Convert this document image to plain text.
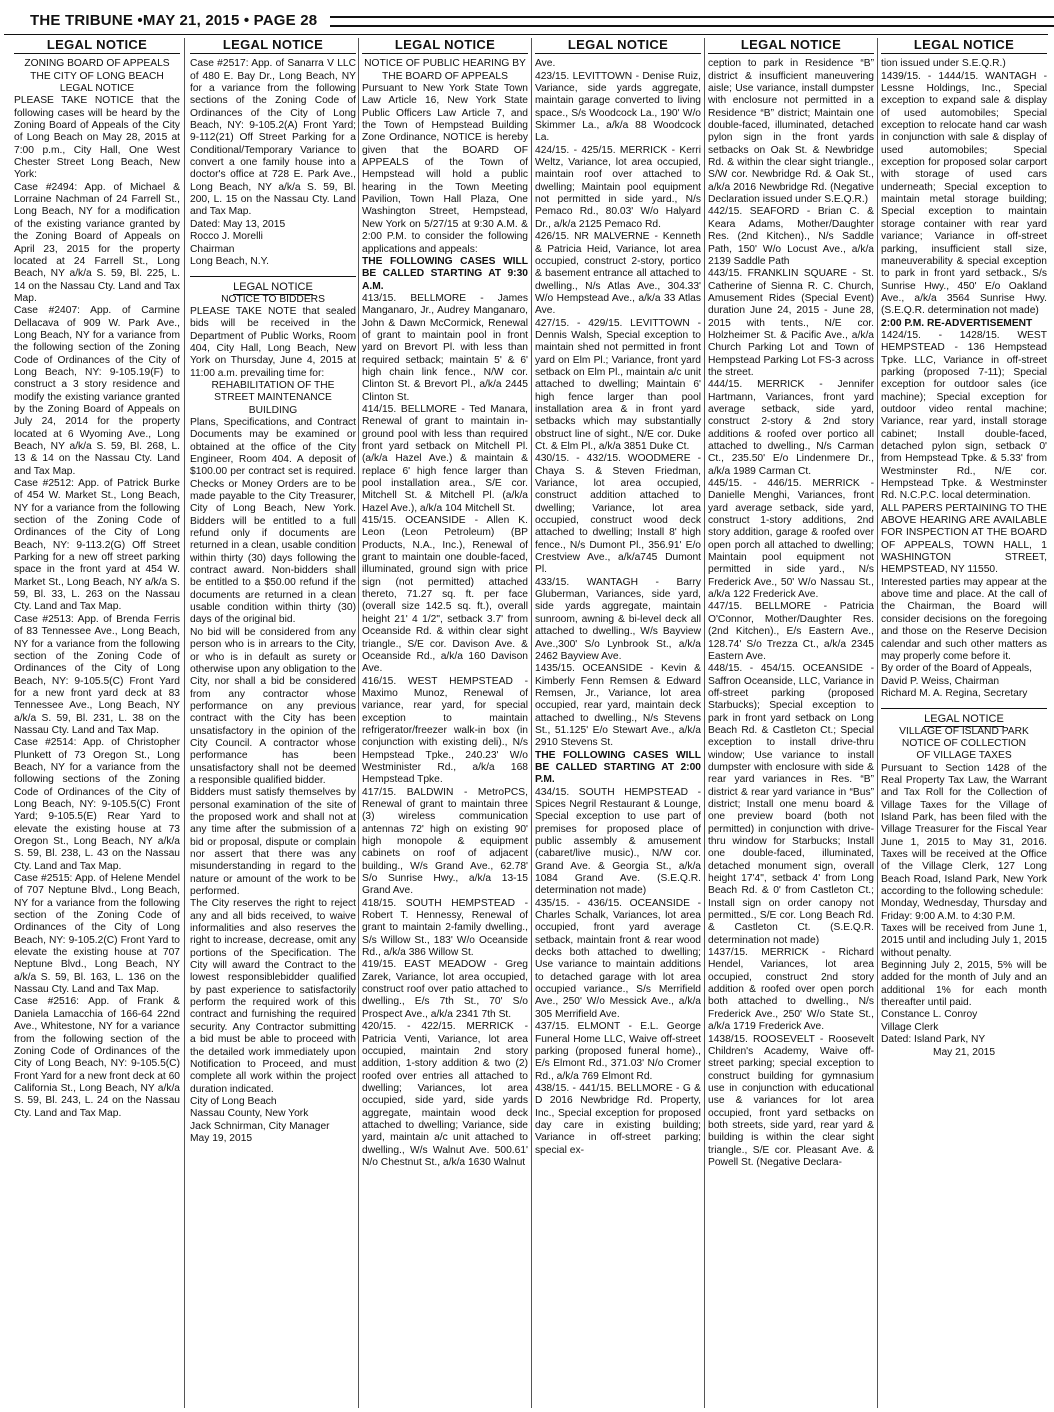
THE TRIBUNE •MAY 21, 2015 • PAGE 28
LEGAL NOTICE

ZONING BOARD OF APPEALS

THE CITY OF LONG BEACH

LEGAL NOTICE

PLEASE TAKE NOTICE that the following cases will be heard by the Zoning Board of Appeals of the City of Long Beach on May 28, 2015 at 7:00 p.m., City Hall, One West Chester Street Long Beach, New York:

Case #2494: App. of Michael & Lorraine Nachman of 24 Farrell St., Long Beach, NY for a modification of the existing variance granted by the Zoning Board of Appeals on April 23, 2015 for the property located at 24 Farrell St., Long Beach, NY a/k/a S. 59, Bl. 225, L. 14 on the Nassau Cty. Land and Tax Map.

Case #2407: App. of Carmine Dellacava of 909 W. Park Ave., Long Beach, NY for a variance from the following section of the Zoning Code of Ordinances of the City of Long Beach, NY: 9-105.19(F) to construct a 3 story residence and modify the existing variance granted by the Zoning Board of Appeals on July 24, 2014 for the property located at 6 Wyoming Ave., Long Beach, NY a/k/a S. 59, Bl. 268, L. 13 & 14 on the Nassau Cty. Land and Tax Map.

Case #2512: App. of Patrick Burke of 454 W. Market St., Long Beach, NY for a variance from the following section of the Zoning Code of Ordinances of the City of Long Beach, NY: 9-113.2(G) Off Street Parking for a new off street parking space in the front yard at 454 W. Market St., Long Beach, NY a/k/a S. 59, Bl. 33, L. 263 on the Nassau Cty. Land and Tax Map.

Case #2513: App. of Brenda Ferris of 83 Tennessee Ave., Long Beach, NY for a variance from the following section of the Zoning Code of Ordinances of the City of Long Beach, NY: 9-105.5(C) Front Yard for a new front yard deck at 83 Tennessee Ave., Long Beach, NY a/k/a S. 59, Bl. 231, L. 38 on the Nassau Cty. Land and Tax Map.

Case #2514: App. of Christopher Plunkett of 73 Oregon St., Long Beach, NY for a variance from the following sections of the Zoning Code of Ordinances of the City of Long Beach, NY: 9-105.5(C) Front Yard; 9-105.5(E) Rear Yard to elevate the existing house at 73 Oregon St., Long Beach, NY a/k/a S. 59, Bl. 238, L. 43 on the Nassau Cty. Land and Tax Map.

Case #2515: App. of Helene Mendel of 707 Neptune Blvd., Long Beach, NY for a variance from the following section of the Zoning Code of Ordinances of the City of Long Beach, NY: 9-105.2(C) Front Yard to elevate the existing house at 707 Neptune Blvd., Long Beach, NY a/k/a S. 59, Bl. 163, L. 136 on the Nassau Cty. Land and Tax Map.

Case #2516: App. of Frank & Daniela Lamacchia of 166-64 22nd Ave., Whitestone, NY for a variance from the following section of the Zoning Code of Ordinances of the City of Long Beach, NY: 9-105.5(C) Front Yard for a new front deck at 60 California St., Long Beach, NY a/k/a S. 59, Bl. 243, L. 24 on the Nassau Cty. Land and Tax Map.

LEGAL NOTICE

Case #2517: App. of Sanarra V LLC of 480 E. Bay Dr., Long Beach, NY for a variance from the following sections of the Zoning Code of Ordinances of the City of Long Beach, NY: 9-105.2(A) Front Yard; 9-112(21) Off Street Parking for a Conditional/Temporary Variance to convert a one family house into a doctor's office at 728 E. Park Ave., Long Beach, NY a/k/a S. 59, Bl. 200, L. 15 on the Nassau Cty. Land and Tax Map.

Dated: May 13, 2015

Rocco J. Morelli

Chairman

Long Beach, N.Y.

LEGAL NOTICE

NOTICE TO BIDDERS

PLEASE TAKE NOTE that sealed bids will be received in the Department of Public Works, Room 404, City Hall, Long Beach, New York on Thursday, June 4, 2015 at 11:00 a.m. prevailing time for:

REHABILITATION OF THE STREET MAINTENANCE BUILDING

Plans, Specifications, and Contract Documents may be examined or obtained at the office of the City Engineer, Room 404. A deposit of $100.00 per contract set is required. Checks or Money Orders are to be made payable to the City Treasurer, City of Long Beach, New York. Bidders will be entitled to a full refund only if documents are returned in a clean, usable condition within thirty (30) days following the contract award. Non-bidders shall be entitled to a $50.00 refund if the documents are returned in a clean usable condition within thirty (30) days of the original bid.

No bid will be considered from any person who is in arrears to the City, or who is in default as surety or otherwise upon any obligation to the City, nor shall a bid be considered from any contractor whose performance on any previous contract with the City has been unsatisfactory in the opinion of the City Council. A contractor whose performance has been unsatisfactory shall not be deemed a responsible qualified bidder.

Bidders must satisfy themselves by personal examination of the site of the proposed work and shall not at any time after the submission of a bid or proposal, dispute or complain nor assert that there was any misunderstanding in regard to the nature or amount of the work to be performed.

The City reserves the right to reject any and all bids received, to waive informalities and also reserves the right to increase, decrease, omit any portions of the Specification. The City will award the Contract to the lowest responsiblebidder qualified by past experience to satisfactorily perform the required work of this contract and furnishing the required security. Any Contractor submitting a bid must be able to proceed with the detailed work immediately upon Notification to Proceed, and must complete all work within the project duration indicated.

City of Long Beach

Nassau County, New York

Jack Schnirman, City Manager

May 19, 2015

LEGAL NOTICE

NOTICE OF PUBLIC HEARING BY THE BOARD OF APPEALS

Pursuant to New York State Town Law Article 16, New York State Public Officers Law Article 7, and the Town of Hempstead Building Zone Ordinance, NOTICE is hereby given that the BOARD OF APPEALS of the Town of Hempstead will hold a public hearing in the Town Meeting Pavilion, Town Hall Plaza, One Washington Street, Hempstead, New York on 5/27/15 at 9:30 A.M. & 2:00 P.M. to consider the following applications and appeals:

THE FOLLOWING CASES WILL BE CALLED STARTING AT 9:30 A.M.

413/15. BELLMORE - James Manganaro, Jr., Audrey Manganaro, John & Dawn McCormick, Renewal of grant to maintain pool in front yard on Brevort Pl. with less than required setback; maintain 5' & 6' high chain link fence., N/W cor. Clinton St. & Brevort Pl., a/k/a 2445 Clinton St.

414/15. BELLMORE - Ted Manara, Renewal of grant to maintain in-ground pool with less than required front yard setback on Mitchell Pl. (a/k/a Hazel Ave.) & maintain & replace 6' high fence larger than pool installation area., S/E cor. Mitchell St. & Mitchell Pl. (a/k/a Hazel Ave.), a/k/a 104 Mitchell St.

415/15. OCEANSIDE - Allen K. Leon (Leon Petroleum) (BP Products, N.A., Inc.), Renewal of grant to maintain one double-faced, illuminated, ground sign with price sign (not permitted) attached thereto, 71.27 sq. ft. per face (overall size 142.5 sq. ft.), overall height 21' 4 1/2", setback 3.7' from Oceanside Rd. & within clear sight triangle., S/E cor. Davison Ave. & Oceanside Rd., a/k/a 160 Davison Ave.

416/15. WEST HEMPSTEAD - Maximo Munoz, Renewal of variance, rear yard, for special exception to maintain refrigerator/freezer walk-in box (in conjunction with existing deli)., N/s Hempstead Tpke., 240.23' W/o Westminister Rd., a/k/a 168 Hempstead Tpke.

417/15. BALDWIN - MetroPCS, Renewal of grant to maintain three (3) wireless communication antennas 72' high on existing 90' high monopole & equipment cabinets on roof of adjacent building., W/s Grand Ave., 62.78' S/o Sunrise Hwy., a/k/a 13-15 Grand Ave.

418/15. SOUTH HEMPSTEAD - Robert T. Hennessy, Renewal of grant to maintain 2-family dwelling., S/s Willow St., 183' W/o Oceanside Rd., a/k/a 386 Willow St.

419/15. EAST MEADOW - Greg Zarek, Variance, lot area occupied, construct roof over patio attached to dwelling., E/s 7th St., 70' S/o Prospect Ave., a/k/a 2341 7th St.

420/15. - 422/15. MERRICK - Patricia Venti, Variance, lot area occupied, maintain 2nd story addition, 1-story addition & two (2) roofed over entries all attached to dwelling; Variances, lot area occupied, side yard, side yards aggregate, maintain wood deck attached to dwelling; Variance, side yard, maintain a/c unit attached to dwelling., W/s Walnut Ave. 500.61' N/o Chestnut St., a/k/a 1630 Walnut

LEGAL NOTICE

Ave.

423/15. LEVITTOWN - Denise Ruiz, Variance, side yards aggregate, maintain garage converted to living space., S/s Woodcock La., 190' W/o Skimmer La., a/k/a 88 Woodcock La.

424/15. - 425/15. MERRICK - Kerri Weltz, Variance, lot area occupied, maintain roof over attached to dwelling; Maintain pool equipment not permitted in side yard., N/s Pemaco Rd., 80.03' W/o Halyard Dr., a/k/a 2125 Pemaco Rd.

426/15. NR MALVERNE - Kenneth & Patricia Heid, Variance, lot area occupied, construct 2-story, portico & basement entrance all attached to dwelling., N/s Atlas Ave., 304.33' W/o Hempstead Ave., a/k/a 33 Atlas Ave.

427/15. - 429/15. LEVITTOWN - Dennis Walsh, Special exception to maintain shed not permitted in front yard on Elm Pl.; Variance, front yard setback on Elm Pl., maintain a/c unit attached to dwelling; Maintain 6' high fence larger than pool installation area & in front yard setbacks which may substantially obstruct line of sight., N/E cor. Duke Ct. & Elm Pl., a/k/a 3851 Duke Ct.

430/15. - 432/15. WOODMERE - Chaya S. & Steven Friedman, Variance, lot area occupied, construct addition attached to dwelling; Variance, lot area occupied, construct wood deck attached to dwelling; Install 8' high fence., N/s Dumont Pl., 356.91' E/o Crestview Ave., a/k/a745 Dumont Pl.

433/15. WANTAGH - Barry Gluberman, Variances, side yard, side yards aggregate, maintain sunroom, awning & bi-level deck all attached to dwelling., W/s Bayview Ave.,300' S/o Lynbrook St., a/k/a 2462 Bayview Ave.

1435/15. OCEANSIDE - Kevin & Kimberly Fenn Remsen & Edward Remsen, Jr., Variance, lot area occupied, rear yard, maintain deck attached to dwelling., N/s Stevens St., 51.125' E/o Stewart Ave., a/k/a 2910 Stevens St.

THE FOLLOWING CASES WILL BE CALLED STARTING AT 2:00 P.M.

434/15. SOUTH HEMPSTEAD - Spices Negril Restaurant & Lounge, Special exception to use part of premises for proposed place of public assembly & amusement (cabaret/live music)., N/W cor. Grand Ave. & Georgia St., a/k/a 1084 Grand Ave. (S.E.Q.R. determination not made)

435/15. - 436/15. OCEANSIDE - Charles Schalk, Variances, lot area occupied, front yard average setback, maintain front & rear wood decks both attached to dwelling; Use variance to maintain additions to detached garage with lot area occupied variance., S/s Merrifield Ave., 250' W/o Messick Ave., a/k/a 305 Merrifield Ave.

437/15. ELMONT - E.L. George Funeral Home LLC, Waive off-street parking (proposed funeral home)., E/s Elmont Rd., 371.03' N/o Cromer Rd., a/k/a 769 Elmont Rd.

438/15. - 441/15. BELLMORE - G & D 2016 Newbridge Rd. Property, Inc., Special exception for proposed day care in existing building; Variance in off-street parking; special ex-

LEGAL NOTICE

ception to park in Residence “B” district & insufficient maneuvering aisle; Use variance, install dumpster with enclosure not permitted in a Residence “B” district; Maintain one double-faced, illuminated, detached pylon sign in the front yards setbacks on Oak St. & Newbridge Rd. & within the clear sight triangle., S/W cor. Newbridge Rd. & Oak St., a/k/a 2016 Newbridge Rd. (Negative Declaration issued under S.E.Q.R.)

442/15. SEAFORD - Brian C. & Keara Adams, Mother/Daughter Res. (2nd Kitchen)., N/s Saddle Path, 150' W/o Locust Ave., a/k/a 2139 Saddle Path

443/15. FRANKLIN SQUARE - St. Catherine of Sienna R. C. Church, Amusement Rides (Special Event) duration June 24, 2015 - June 28, 2015 with tents., N/E cor. Holzheimer St. & Pacific Ave., a/k/a Church Parking Lot and Town of Hempstead Parking Lot FS-3 across the street.

444/15. MERRICK - Jennifer Hartmann, Variances, front yard average setback, side yard, construct 2-story & 2nd story additions & roofed over portico all attached to dwelling., N/s Carman Ct., 235.50' E/o Lindenmere Dr., a/k/a 1989 Carman Ct.

445/15. - 446/15. MERRICK - Danielle Menghi, Variances, front yard average setback, side yard, construct 1-story additions, 2nd story addition, garage & roofed over open porch all attached to dwelling; Maintain pool equipment not permitted in side yard., N/s Frederick Ave., 50' W/o Nassau St., a/k/a 122 Frederick Ave.

447/15. BELLMORE - Patricia O'Connor, Mother/Daughter Res. (2nd Kitchen)., E/s Eastern Ave., 128.74' S/o Trezza Ct., a/k/a 2345 Eastern Ave.

448/15. - 454/15. OCEANSIDE - Saffron Oceanside, LLC, Variance in off-street parking (proposed Starbucks); Special exception to park in front yard setback on Long Beach Rd. & Castleton Ct.; Special exception to install drive-thru window; Use variance to install dumpster with enclosure with side & rear yard variances in Res. “B” district & rear yard variance in “Bus” district; Install one menu board & one preview board (both not permitted) in conjunction with drive-thru window for Starbucks; Install one double-faced, illuminated, detached monument sign, overall height 17'4", setback 4' from Long Beach Rd. & 0' from Castleton Ct.; Install sign on order canopy not permitted., S/E cor. Long Beach Rd. & Castleton Ct. (S.E.Q.R. determination not made)

1437/15. MERRICK - Richard Hendel, Variances, lot area occupied, construct 2nd story addition & roofed over open porch both attached to dwelling., N/s Frederick Ave., 250' W/o State St., a/k/a 1719 Frederick Ave.

1438/15. ROOSEVELT - Roosevelt Children's Academy, Waive off-street parking; special exception to construct building for gymnasium use in conjunction with educational use & variances for lot area occupied, front yard setbacks on both streets, side yard, rear yard & building is within the clear sight triangle., S/E cor. Pleasant Ave. & Powell St. (Negative Declara-

LEGAL NOTICE

tion issued under S.E.Q.R.)

1439/15. - 1444/15. WANTAGH - Lessne Holdings, Inc., Special exception to expand sale & display of used automobiles; Special exception to relocate hand car wash in conjunction with sale & display of used automobiles; Special exception for proposed solar carport with storage of used cars underneath; Special exception to maintain metal storage building; Special exception to maintain storage container with rear yard variance; Variance in off-street parking, insufficient stall size, maneuverability & special exception to park in front yard setback., S/s Sunrise Hwy., 450' E/o Oakland Ave., a/k/a 3564 Sunrise Hwy. (S.E.Q.R. determination not made)

2:00 P.M. RE-ADVERTISEMENT

1424/15. - 1428/15. WEST HEMPSTEAD - 136 Hempstead Tpke. LLC, Variance in off-street parking (proposed 7-11); Special exception for outdoor sales (ice machine); Special exception for outdoor video rental machine; Variance, rear yard, install storage cabinet; Install double-faced, detached pylon sign, setback 0' from Hempstead Tpke. & 5.33' from Westminster Rd., N/E cor. Hempstead Tpke. & Westminster Rd. N.C.P.C. local determination.

ALL PAPERS PERTAINING TO THE ABOVE HEARING ARE AVAILABLE FOR INSPECTION AT THE BOARD OF APPEALS, TOWN HALL, 1 WASHINGTON STREET, HEMPSTEAD, NY 11550.

Interested parties may appear at the above time and place. At the call of the Chairman, the Board will consider decisions on the foregoing and those on the Reserve Decision calendar and such other matters as may properly come before it.

By order of the Board of Appeals,

David P. Weiss, Chairman

Richard M. A. Regina, Secretary

LEGAL NOTICE

VILLAGE OF ISLAND PARK

NOTICE OF COLLECTION

OF VILLAGE TAXES

Pursuant to Section 1428 of the Real Property Tax Law, the Warrant and Tax Roll for the Collection of Village Taxes for the Village of Island Park, has been filed with the Village Treasurer for the Fiscal Year June 1, 2015 to May 31, 2016. Taxes will be received at the Office of the Village Clerk, 127 Long Beach Road, Island Park, New York according to the following schedule:

Monday, Wednesday, Thursday and Friday: 9:00 A.M. to 4:30 P.M.

Taxes will be received from June 1, 2015 until and including July 1, 2015 without penalty.

Beginning July 2, 2015, 5% will be added for the month of July and an additional 1% for each month thereafter until paid.

Constance L. Conroy

Village Clerk

Dated: Island Park, NY

May 21, 2015
